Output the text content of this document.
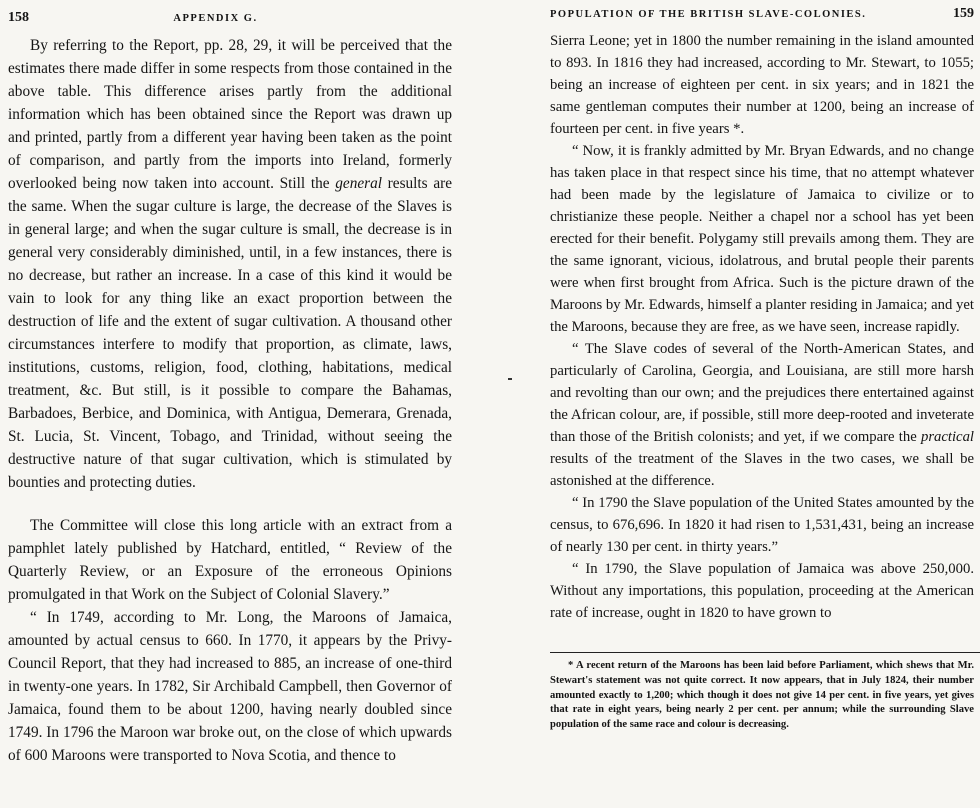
158	APPENDIX G.

By referring to the Report, pp. 28, 29, it will be perceived that the estimates there made differ in some respects from those contained in the above table. This difference arises partly from the additional information which has been obtained since the Report was drawn up and printed, partly from a different year having been taken as the point of comparison, and partly from the imports into Ireland, formerly overlooked being now taken into account. Still the general results are the same. When the sugar culture is large, the decrease of the Slaves is in general large; and when the sugar culture is small, the decrease is in general very considerably diminished, until, in a few instances, there is no decrease, but rather an increase. In a case of this kind it would be vain to look for any thing like an exact proportion between the destruction of life and the extent of sugar cultivation. A thousand other circumstances interfere to modify that proportion, as climate, laws, institutions, customs, religion, food, clothing, habitations, medical treatment, &c. But still, is it possible to compare the Bahamas, Barbadoes, Berbice, and Dominica, with Antigua, Demerara, Grenada, St. Lucia, St. Vincent, Tobago, and Trinidad, without seeing the destructive nature of that sugar cultivation, which is stimulated by bounties and protecting duties.

The Committee will close this long article with an extract from a pamphlet lately published by Hatchard, entitled, “ Review of the Quarterly Review, or an Exposure of the erroneous Opinions promulgated in that Work on the Subject of Colonial Slavery.”

“ In 1749, according to Mr. Long, the Maroons of Jamaica, amounted by actual census to 660. In 1770, it appears by the Privy-Council Report, that they had increased to 885, an increase of one-third in twenty-one years. In 1782, Sir Archibald Campbell, then Governor of Jamaica, found them to be about 1200, having nearly doubled since 1749. In 1796 the Maroon war broke out, on the close of which upwards of 600 Maroons were transported to Nova Scotia, and thence to

POPULATION OF THE BRITISH SLAVE-COLONIES.	159

Sierra Leone; yet in 1800 the number remaining in the island amounted to 893. In 1816 they had increased, according to Mr. Stewart, to 1055; being an increase of eighteen per cent. in six years; and in 1821 the same gentleman computes their number at 1200, being an increase of fourteen per cent. in five years *.

“ Now, it is frankly admitted by Mr. Bryan Edwards, and no change has taken place in that respect since his time, that no attempt whatever had been made by the legislature of Jamaica to civilize or to christianize these people. Neither a chapel nor a school has yet been erected for their benefit. Polygamy still prevails among them. They are the same ignorant, vicious, idolatrous, and brutal people their parents were when first brought from Africa. Such is the picture drawn of the Maroons by Mr. Edwards, himself a planter residing in Jamaica; and yet the Maroons, because they are free, as we have seen, increase rapidly.

“ The Slave codes of several of the North-American States, and particularly of Carolina, Georgia, and Louisiana, are still more harsh and revolting than our own; and the prejudices there entertained against the African colour, are, if possible, still more deep-rooted and inveterate than those of the British colonists; and yet, if we compare the practical results of the treatment of the Slaves in the two cases, we shall be astonished at the difference.

“ In 1790 the Slave population of the United States amounted by the census, to 676,696. In 1820 it had risen to 1,531,431, being an increase of nearly 130 per cent. in thirty years.”

“ In 1790, the Slave population of Jamaica was above 250,000. Without any importations, this population, proceeding at the American rate of increase, ought in 1820 to have grown to

* A recent return of the Maroons has been laid before Parliament, which shews that Mr. Stewart's statement was not quite correct. It now appears, that in July 1824, their number amounted exactly to 1,200; which though it does not give 14 per cent. in five years, yet gives that rate in eight years, being nearly 2 per cent. per annum; while the surrounding Slave population of the same race and colour is decreasing.
